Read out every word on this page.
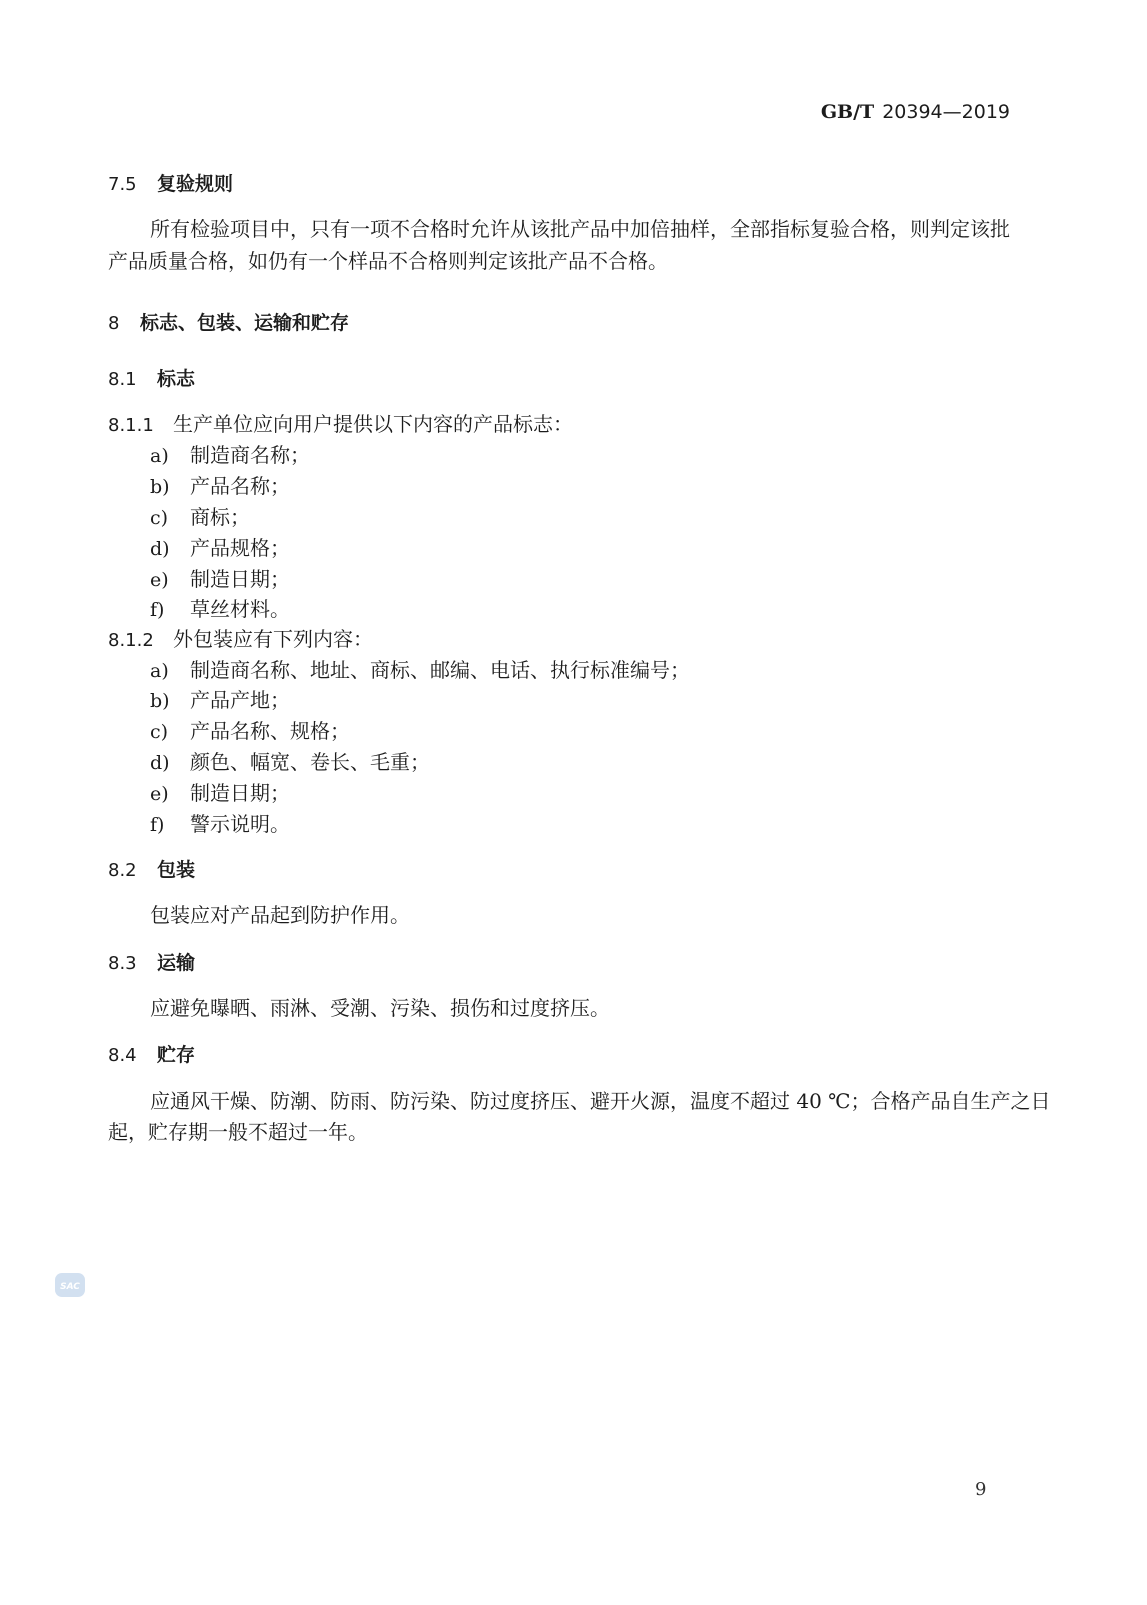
GB/T 20394—2019
7.5 复验规则
所有检验项目中，只有一项不合格时允许从该批产品中加倍抽样，全部指标复验合格，则判定该批
产品质量合格，如仍有一个样品不合格则判定该批产品不合格。
8 标志、包装、运输和贮存
8.1 标志
8.1.1 生产单位应向用户提供以下内容的产品标志：
a) 制造商名称；
b) 产品名称；
c) 商标；
d) 产品规格；
e) 制造日期；
f) 草丝材料。
8.1.2 外包装应有下列内容：
a) 制造商名称、地址、商标、邮编、电话、执行标准编号；
b) 产品产地；
c) 产品名称、规格；
d) 颜色、幅宽、卷长、毛重；
e) 制造日期；
f) 警示说明。
8.2 包装
包装应对产品起到防护作用。
8.3 运输
应避免曝晒、雨淋、受潮、污染、损伤和过度挤压。
8.4 贮存
应通风干燥、防潮、防雨、防污染、防过度挤压、避开火源，温度不超过 40 ℃；合格产品自生产之日
起，贮存期一般不超过一年。
SAC
9
